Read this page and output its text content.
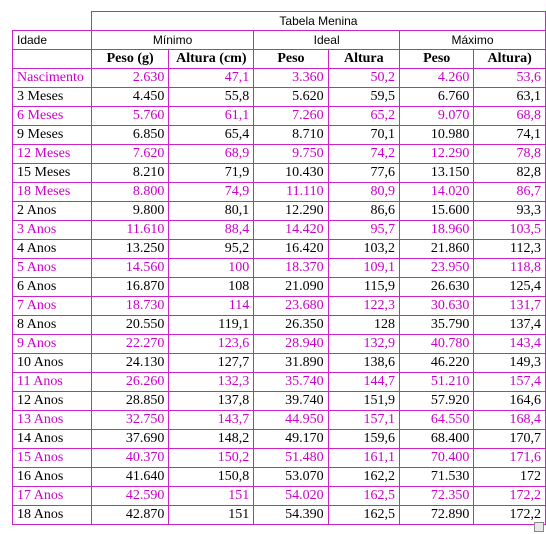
	Tabela Menina					
Idade	Mínimo		Ideal		Máximo	
	Peso (g)	Altura (cm)	Peso	Altura	Peso	Altura)
Nascimento	2.630	47,1	3.360	50,2	4.260	53,6
3 Meses	4.450	55,8	5.620	59,5	6.760	63,1
6 Meses	5.760	61,1	7.260	65,2	9.070	68,8
9 Meses	6.850	65,4	8.710	70,1	10.980	74,1
12 Meses	7.620	68,9	9.750	74,2	12.290	78,8
15 Meses	8.210	71,9	10.430	77,6	13.150	82,8
18 Meses	8.800	74,9	11.110	80,9	14.020	86,7
2 Anos	9.800	80,1	12.290	86,6	15.600	93,3
3 Anos	11.610	88,4	14.420	95,7	18.960	103,5
4 Anos	13.250	95,2	16.420	103,2	21.860	112,3
5 Anos	14.560	100	18.370	109,1	23.950	118,8
6 Anos	16.870	108	21.090	115,9	26.630	125,4
7 Anos	18.730	114	23.680	122,3	30.630	131,7
8 Anos	20.550	119,1	26.350	128	35.790	137,4
9 Anos	22.270	123,6	28.940	132,9	40.780	143,4
10 Anos	24.130	127,7	31.890	138,6	46.220	149,3
11 Anos	26.260	132,3	35.740	144,7	51.210	157,4
12 Anos	28.850	137,8	39.740	151,9	57.920	164,6
13 Anos	32.750	143,7	44.950	157,1	64.550	168,4
14 Anos	37.690	148,2	49.170	159,6	68.400	170,7
15 Anos	40.370	150,2	51.480	161,1	70.400	171,6
16 Anos	41.640	150,8	53.070	162,2	71.530	172
17 Anos	42.590	151	54.020	162,5	72.350	172,2
18 Anos	42.870	151	54.390	162,5	72.890	172,2
